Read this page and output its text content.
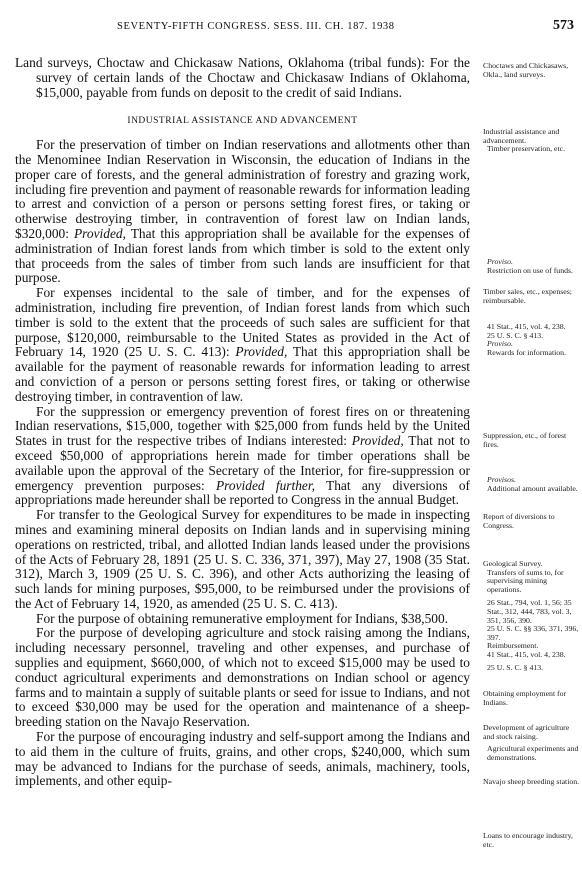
SEVENTY-FIFTH CONGRESS. SESS. III. CH. 187. 1938	573

Land surveys, Choctaw and Chickasaw Nations, Oklahoma (tribal funds): For the survey of certain lands of the Choctaw and Chickasaw Indians of Oklahoma, $15,000, payable from funds on deposit to the credit of said Indians.

INDUSTRIAL ASSISTANCE AND ADVANCEMENT

For the preservation of timber on Indian reservations and allotments other than the Menominee Indian Reservation in Wisconsin, the education of Indians in the proper care of forests, and the general administration of forestry and grazing work, including fire prevention and payment of reasonable rewards for information leading to arrest and conviction of a person or persons setting forest fires, or taking or otherwise destroying timber, in contravention of forest law on Indian lands, $320,000: Provided, That this appropriation shall be available for the expenses of administration of Indian forest lands from which timber is sold to the extent only that proceeds from the sales of timber from such lands are insufficient for that purpose.

For expenses incidental to the sale of timber, and for the expenses of administration, including fire prevention, of Indian forest lands from which such timber is sold to the extent that the proceeds of such sales are sufficient for that purpose, $120,000, reimbursable to the United States as provided in the Act of February 14, 1920 (25 U. S. C. 413): Provided, That this appropriation shall be available for the payment of reasonable rewards for information leading to arrest and conviction of a person or persons setting forest fires, or taking or otherwise destroying timber, in contravention of law.

For the suppression or emergency prevention of forest fires on or threatening Indian reservations, $15,000, together with $25,000 from funds held by the United States in trust for the respective tribes of Indians interested: Provided, That not to exceed $50,000 of appropriations herein made for timber operations shall be available upon the approval of the Secretary of the Interior, for fire-suppression or emergency prevention purposes: Provided further, That any diversions of appropriations made hereunder shall be reported to Congress in the annual Budget.

For transfer to the Geological Survey for expenditures to be made in inspecting mines and examining mineral deposits on Indian lands and in supervising mining operations on restricted, tribal, and allotted Indian lands leased under the provisions of the Acts of February 28, 1891 (25 U. S. C. 336, 371, 397), May 27, 1908 (35 Stat. 312), March 3, 1909 (25 U. S. C. 396), and other Acts authorizing the leasing of such lands for mining purposes, $95,000, to be reimbursed under the provisions of the Act of February 14, 1920, as amended (25 U. S. C. 413).

For the purpose of obtaining remunerative employment for Indians, $38,500.

For the purpose of developing agriculture and stock raising among the Indians, including necessary personnel, traveling and other expenses, and purchase of supplies and equipment, $660,000, of which not to exceed $15,000 may be used to conduct agricultural experiments and demonstrations on Indian school or agency farms and to maintain a supply of suitable plants or seed for issue to Indians, and not to exceed $30,000 may be used for the operation and maintenance of a sheep-breeding station on the Navajo Reservation.

For the purpose of encouraging industry and self-support among the Indians and to aid them in the culture of fruits, grains, and other crops, $240,000, which sum may be advanced to Indians for the purchase of seeds, animals, machinery, tools, implements, and other equip-

Choctaws and Chickasaws, Okla., land surveys.
Industrial assistance and advancement.
Timber preservation, etc.
Proviso.
Restriction on use of funds.
Timber sales, etc., expenses; reimbursable.
41 Stat., 415, vol. 4, 238.
25 U. S. C. § 413.
Proviso.
Rewards for information.
Suppression, etc., of forest fires.
Provisos.
Additional amount available.
Report of diversions to Congress.
Geological Survey.
Transfers of sums to, for supervising mining operations.
26 Stat., 794, vol. 1, 56; 35 Stat., 312, 444, 783, vol. 3, 351, 356, 390.
25 U. S. C. §§ 336, 371, 396, 397.
Reimbursement.
41 Stat., 415, vol. 4, 238.
25 U. S. C. § 413.
Obtaining employment for Indians.
Development of agriculture and stock raising.
Agricultural experiments and demonstrations.
Navajo sheep breeding station.
Loans to encourage industry, etc.
